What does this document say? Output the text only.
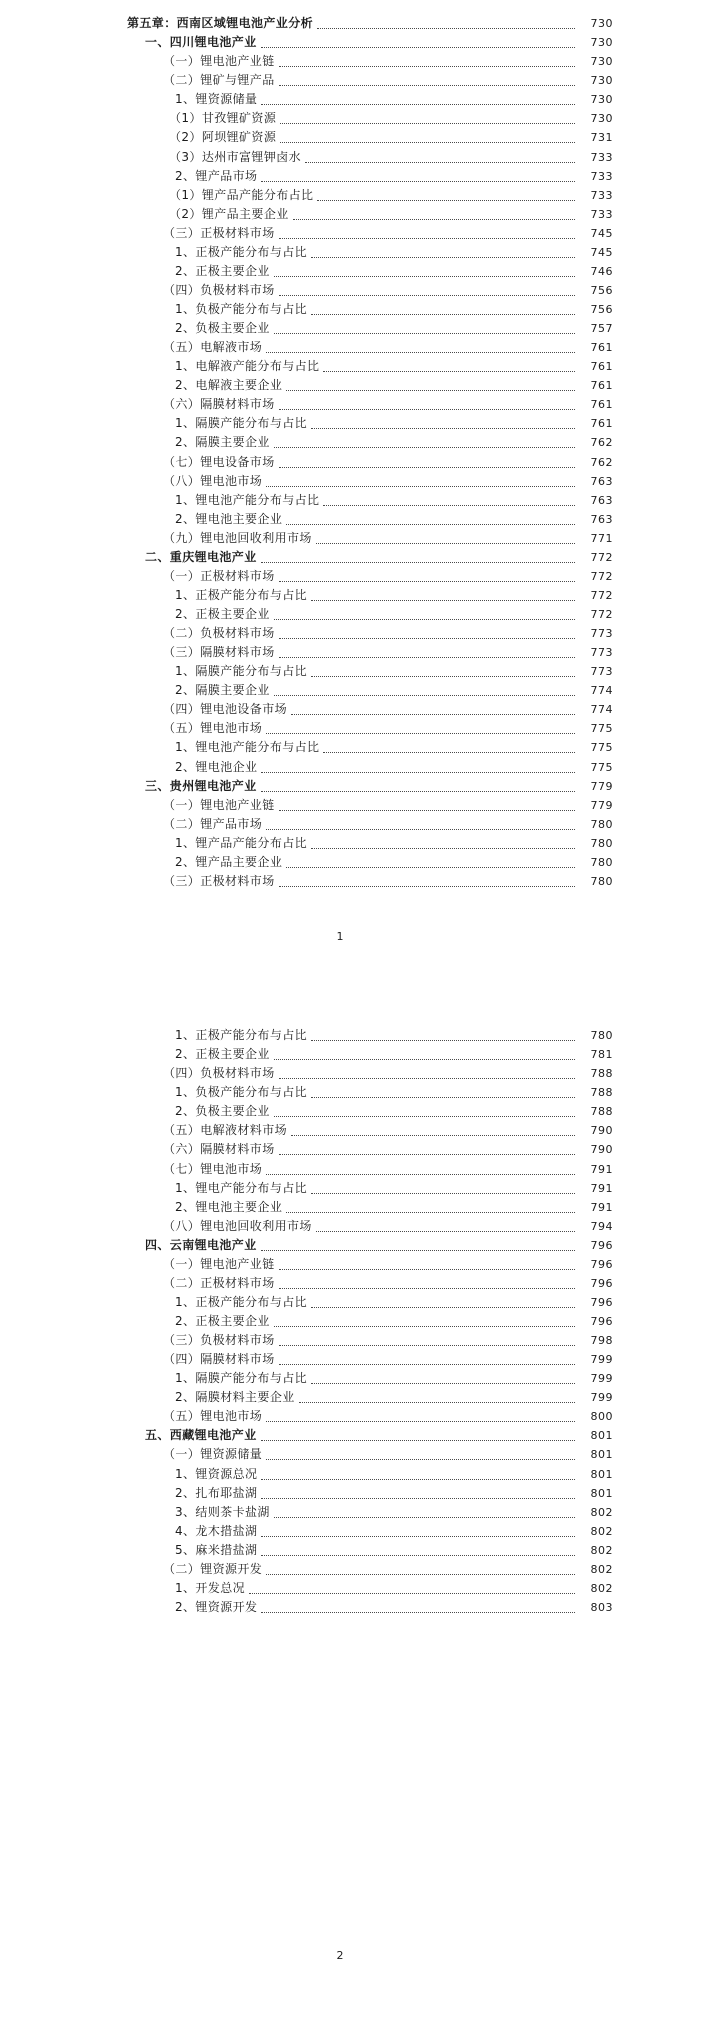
第五章：西南区域锂电池产业分析	730
一、四川锂电池产业	730
（一）锂电池产业链	730
（二）锂矿与锂产品	730
1、锂资源储量	730
（1）甘孜锂矿资源	730
（2）阿坝锂矿资源	731
（3）达州市富锂钾卤水	733
2、锂产品市场	733
（1）锂产品产能分布占比	733
（2）锂产品主要企业	733
（三）正极材料市场	745
1、正极产能分布与占比	745
2、正极主要企业	746
（四）负极材料市场	756
1、负极产能分布与占比	756
2、负极主要企业	757
（五）电解液市场	761
1、电解液产能分布与占比	761
2、电解液主要企业	761
（六）隔膜材料市场	761
1、隔膜产能分布与占比	761
2、隔膜主要企业	762
（七）锂电设备市场	762
（八）锂电池市场	763
1、锂电池产能分布与占比	763
2、锂电池主要企业	763
（九）锂电池回收利用市场	771
二、重庆锂电池产业	772
（一）正极材料市场	772
1、正极产能分布与占比	772
2、正极主要企业	772
（二）负极材料市场	773
（三）隔膜材料市场	773
1、隔膜产能分布与占比	773
2、隔膜主要企业	774
（四）锂电池设备市场	774
（五）锂电池市场	775
1、锂电池产能分布与占比	775
2、锂电池企业	775
三、贵州锂电池产业	779
（一）锂电池产业链	779
（二）锂产品市场	780
1、锂产品产能分布占比	780
2、锂产品主要企业	780
（三）正极材料市场	780
1
1、正极产能分布与占比	780
2、正极主要企业	781
（四）负极材料市场	788
1、负极产能分布与占比	788
2、负极主要企业	788
（五）电解液材料市场	790
（六）隔膜材料市场	790
（七）锂电池市场	791
1、锂电产能分布与占比	791
2、锂电池主要企业	791
（八）锂电池回收利用市场	794
四、云南锂电池产业	796
（一）锂电池产业链	796
（二）正极材料市场	796
1、正极产能分布与占比	796
2、正极主要企业	796
（三）负极材料市场	798
（四）隔膜材料市场	799
1、隔膜产能分布与占比	799
2、隔膜材料主要企业	799
（五）锂电池市场	800
五、西藏锂电池产业	801
（一）锂资源储量	801
1、锂资源总况	801
2、扎布耶盐湖	801
3、结则茶卡盐湖	802
4、龙木措盐湖	802
5、麻米措盐湖	802
（二）锂资源开发	802
1、开发总况	802
2、锂资源开发	803
2
